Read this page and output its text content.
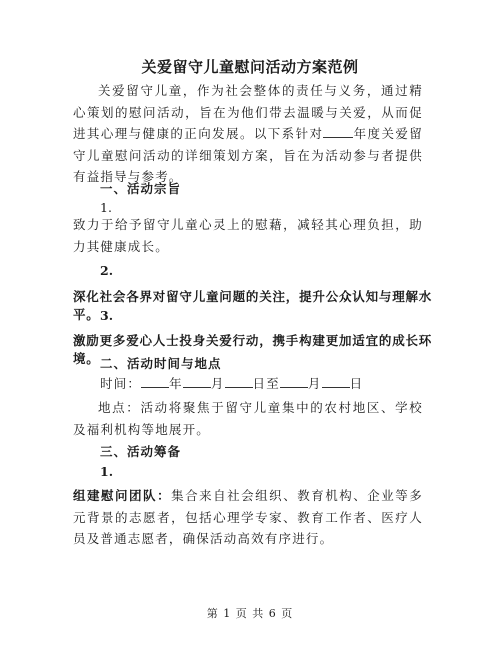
关爱留守儿童慰问活动方案范例
关爱留守儿童，作为社会整体的责任与义务，通过精心策划的慰问活动，旨在为他们带去温暖与关爱，从而促进其心理与健康的正向发展。以下系针对 年度关爱留守儿童慰问活动的详细策划方案，旨在为活动参与者提供有益指导与参考。
一、活动宗旨
1.
致力于给予留守儿童心灵上的慰藉，减轻其心理负担，助力其健康成长。
2.
深化社会各界对留守儿童问题的关注，提升公众认知与理解水平。 3.
激励更多爱心人士投身关爱行动，携手构建更加适宜的成长环境。 二、活动时间与地点
时间： 年 月 日至 月 日
地点：活动将聚焦于留守儿童集中的农村地区、学校及福利机构等地展开。
三、活动筹备
1.
组建慰问团队：集合来自社会组织、教育机构、企业等多元背景的志愿者，包括心理学专家、教育工作者、医疗人员及普通志愿者，确保活动高效有序进行。
第 1 页 共 6 页
